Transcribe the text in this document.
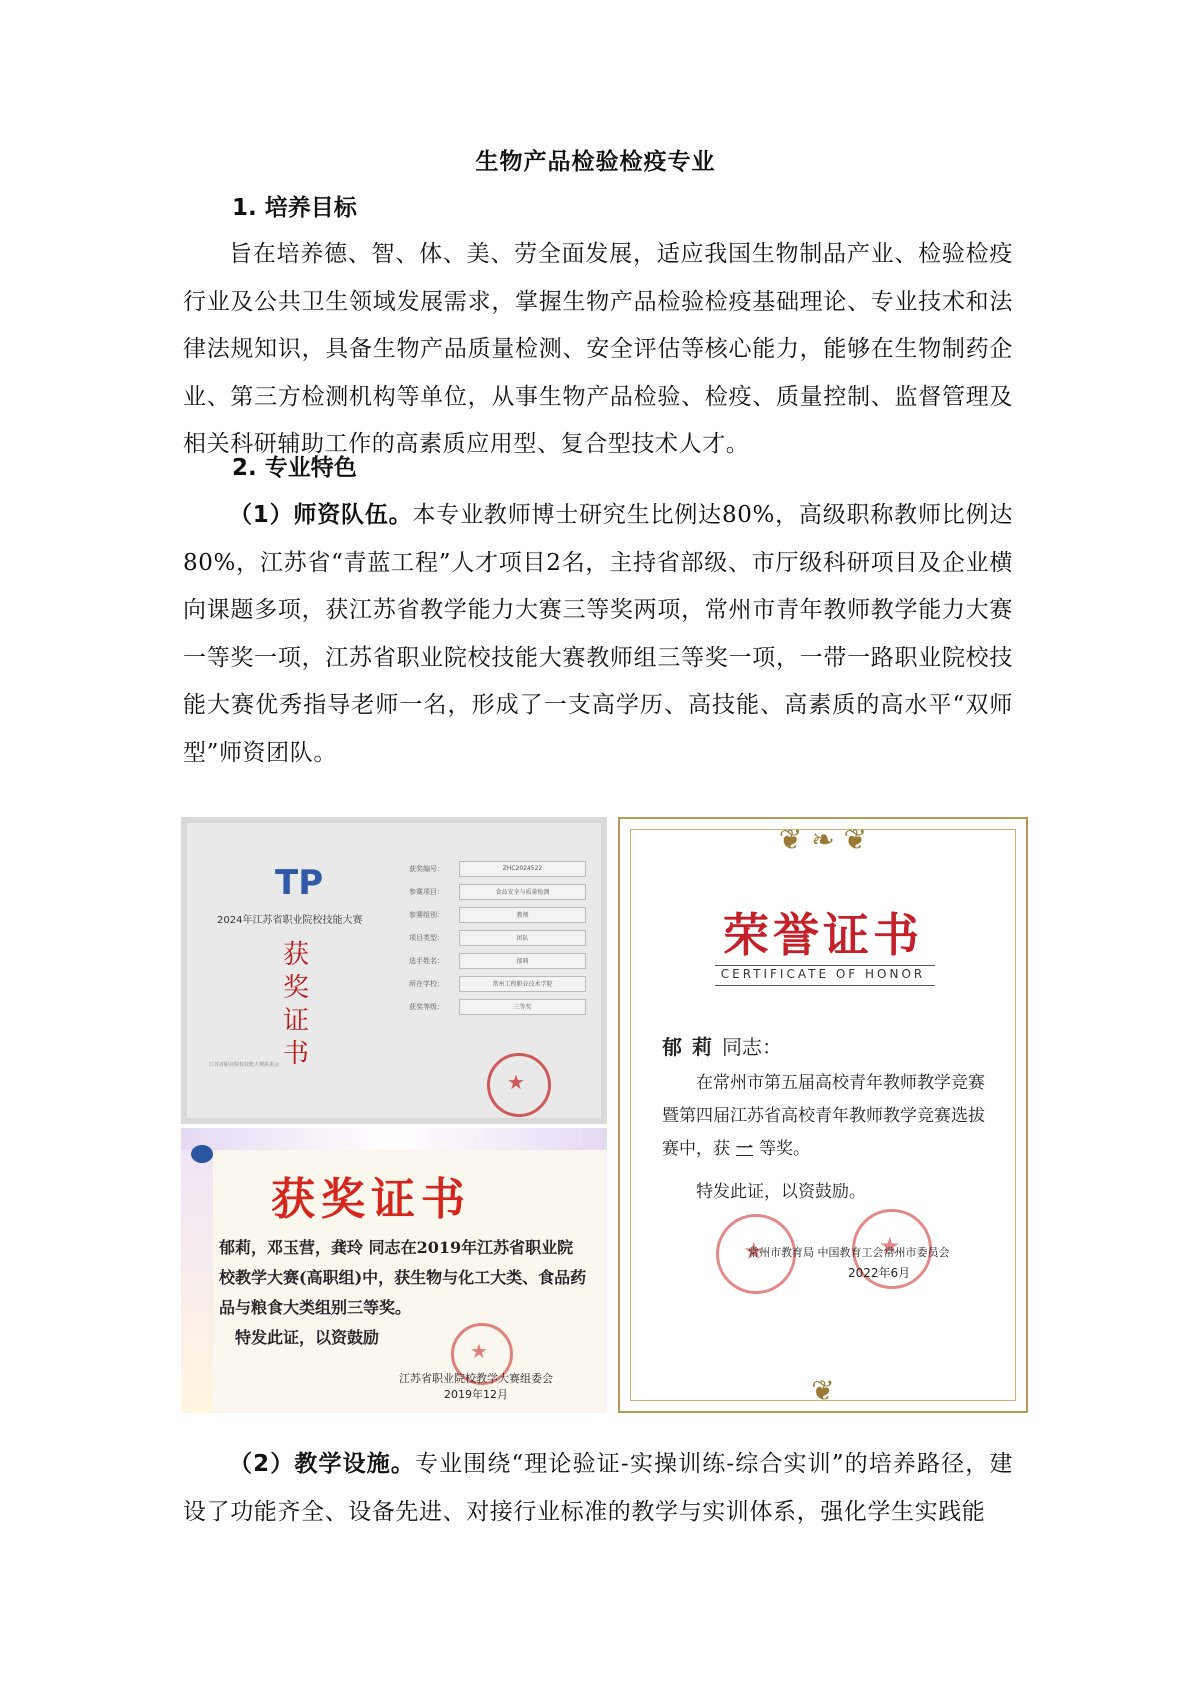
生物产品检验检疫专业
1. 培养目标
旨在培养德、智、体、美、劳全面发展，适应我国生物制品产业、检验检疫行业及公共卫生领域发展需求，掌握生物产品检验检疫基础理论、专业技术和法律法规知识，具备生物产品质量检测、安全评估等核心能力，能够在生物制药企业、第三方检测机构等单位，从事生物产品检验、检疫、质量控制、监督管理及相关科研辅助工作的高素质应用型、复合型技术人才。
2. 专业特色
（1）师资队伍。本专业教师博士研究生比例达80%，高级职称教师比例达80%，江苏省“青蓝工程”人才项目2名，主持省部级、市厅级科研项目及企业横向课题多项，获江苏省教学能力大赛三等奖两项，常州市青年教师教学能力大赛一等奖一项，江苏省职业院校技能大赛教师组三等奖一项，一带一路职业院校技能大赛优秀指导老师一名，形成了一支高学历、高技能、高素质的高水平“双师型”师资团队。
TP
2024年江苏省职业院校技能大赛
获
奖
证
书
获奖编号：	ZHC2024522
参赛项目：	食品安全与质量检测
参赛组别：	教师
项目类型：	团队
选手姓名：	郁莉
所在学校：	常州工程职业技术学院
获奖等级：	三等奖
江苏省职业院校技能大赛执委会
★
获奖证书
郁莉，邓玉营，龚玲 同志在2019年江苏省职业院校教学大赛(高职组)中，获生物与化工大类、食品药品与粮食大类组别三等奖。
特发此证，以资鼓励
★
江苏省职业院校教学大赛组委会
2019年12月
❦ ❧ ❦
荣誉证书
CERTIFICATE OF HONOR
郁莉同志：
在常州市第五届高校青年教师教学竞赛暨第四届江苏省高校青年教师教学竞赛选拔赛中，获 一 等奖。
特发此证，以资鼓励。
★
★
常州市教育局 中国教育工会常州市委员会
2022年6月
❦
（2）教学设施。专业围绕“理论验证-实操训练-综合实训”的培养路径，建设了功能齐全、设备先进、对接行业标准的教学与实训体系，强化学生实践能
